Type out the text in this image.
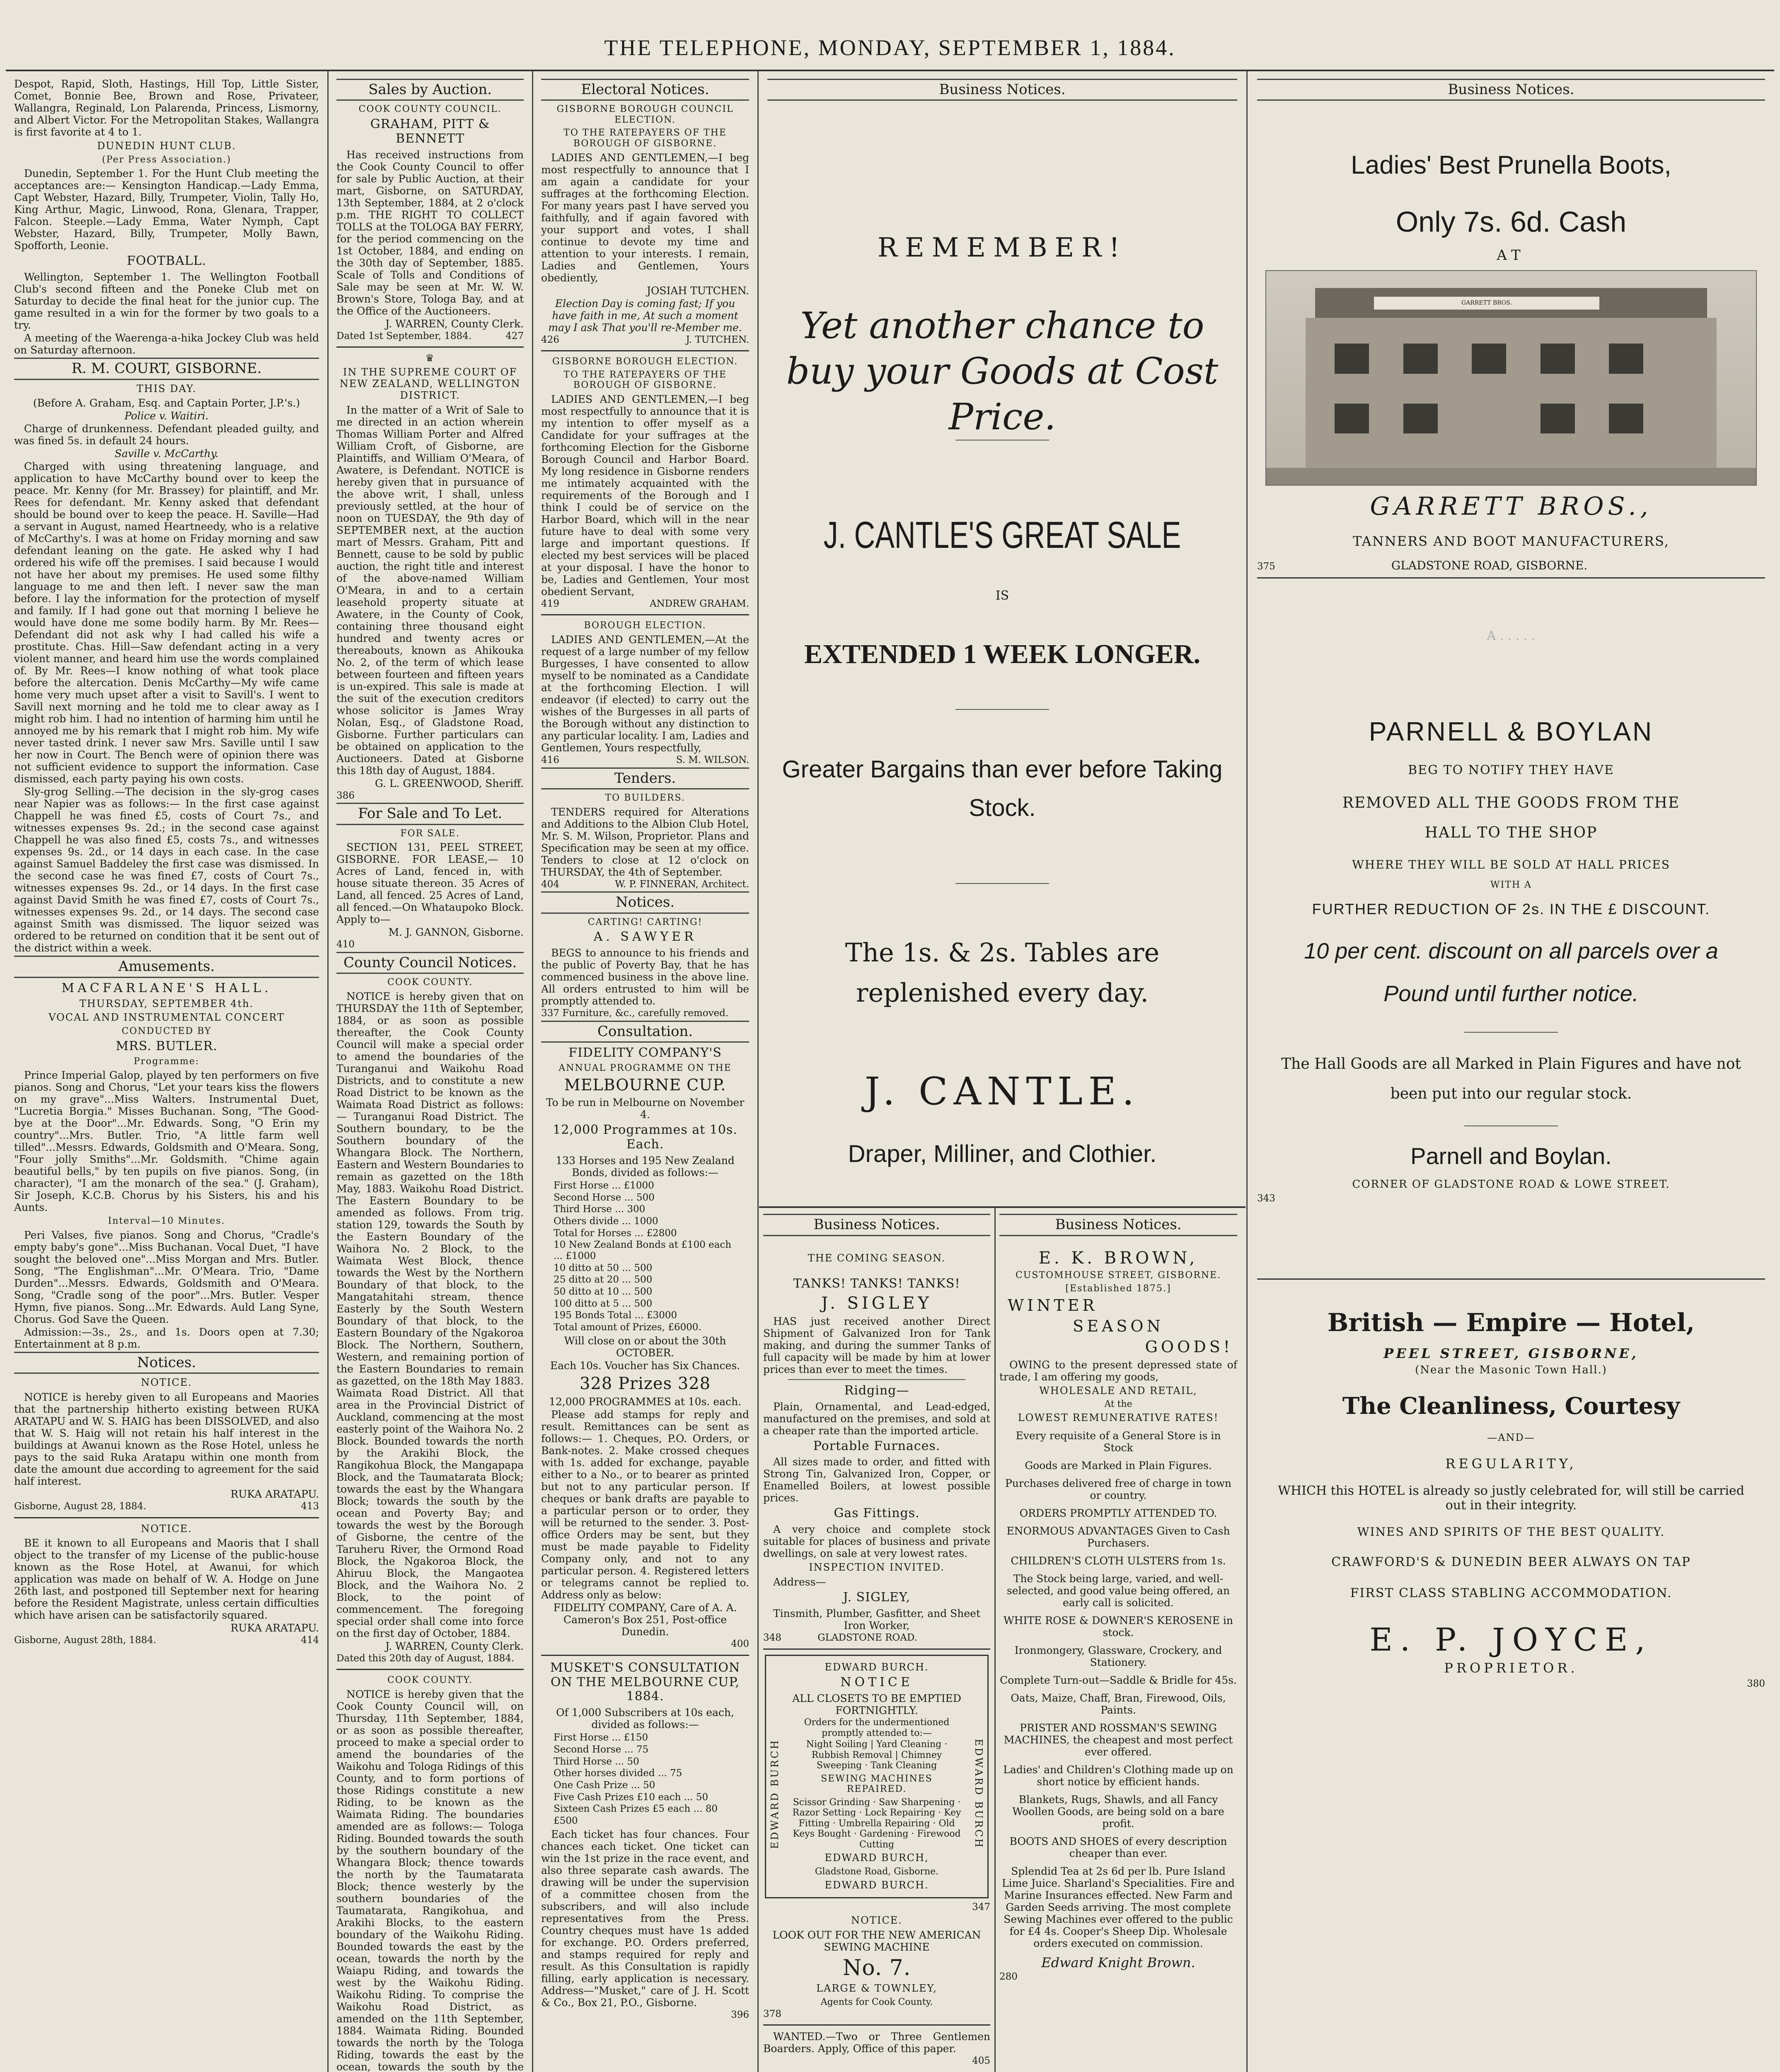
THE TELEPHONE, MONDAY, SEPTEMBER 1, 1884.

Despot, Rapid, Sloth, Hastings, Hill Top, Little Sister, Comet, Bonnie Bee, Brown and Rose, Privateer, Wallangra, Reginald, Lon Palarenda, Princess, Lismorny, and Albert Victor. For the Metropolitan Stakes, Wallangra is first favorite at 4 to 1.

DUNEDIN HUNT CLUB.
(Per Press Association.)

Dunedin, September 1. For the Hunt Club meeting the acceptances are:— Kensington Handicap.—Lady Emma, Capt Webster, Hazard, Billy, Trumpeter, Violin, Tally Ho, King Arthur, Magic, Linwood, Rona, Glenara, Trapper, Falcon. Steeple.—Lady Emma, Water Nymph, Capt Webster, Hazard, Billy, Trumpeter, Molly Bawn, Spofforth, Leonie.

FOOTBALL.

Wellington, September 1. The Wellington Football Club's second fifteen and the Poneke Club met on Saturday to decide the final heat for the junior cup. The game resulted in a win for the former by two goals to a try.

A meeting of the Waerenga-a-hika Jockey Club was held on Saturday afternoon.

R. M. COURT, GISBORNE.
THIS DAY.

(Before A. Graham, Esq. and Captain Porter, J.P.'s.)

Police v. Waitiri.

Charge of drunkenness. Defendant pleaded guilty, and was fined 5s. in default 24 hours.

Saville v. McCarthy.

Charged with using threatening language, and application to have McCarthy bound over to keep the peace. Mr. Kenny (for Mr. Brassey) for plaintiff, and Mr. Rees for defendant. Mr. Kenny asked that defendant should be bound over to keep the peace. H. Saville—Had a servant in August, named Heartneedy, who is a relative of McCarthy's. I was at home on Friday morning and saw defendant leaning on the gate. He asked why I had ordered his wife off the premises. I said because I would not have her about my premises. He used some filthy language to me and then left. I never saw the man before. I lay the information for the protection of myself and family. If I had gone out that morning I believe he would have done me some bodily harm. By Mr. Rees—Defendant did not ask why I had called his wife a prostitute. Chas. Hill—Saw defendant acting in a very violent manner, and heard him use the words complained of. By Mr. Rees—I know nothing of what took place before the altercation. Denis McCarthy—My wife came home very much upset after a visit to Savill's. I went to Savill next morning and he told me to clear away as I might rob him. I had no intention of harming him until he annoyed me by his remark that I might rob him. My wife never tasted drink. I never saw Mrs. Saville until I saw her now in Court. The Bench were of opinion there was not sufficient evidence to support the information. Case dismissed, each party paying his own costs.

Sly-grog Selling.—The decision in the sly-grog cases near Napier was as follows:— In the first case against Chappell he was fined £5, costs of Court 7s., and witnesses expenses 9s. 2d.; in the second case against Chappell he was also fined £5, costs 7s., and witnesses expenses 9s. 2d., or 14 days in each case. In the case against Samuel Baddeley the first case was dismissed. In the second case he was fined £7, costs of Court 7s., witnesses expenses 9s. 2d., or 14 days. In the first case against David Smith he was fined £7, costs of Court 7s., witnesses expenses 9s. 2d., or 14 days. The second case against Smith was dismissed. The liquor seized was ordered to be returned on condition that it be sent out of the district within a week.

Amusements.
MACFARLANE'S HALL.
THURSDAY, SEPTEMBER 4th.
VOCAL AND INSTRUMENTAL CONCERT
CONDUCTED BY
MRS. BUTLER.
Programme:

Prince Imperial Galop, played by ten performers on five pianos. Song and Chorus, "Let your tears kiss the flowers on my grave"...Miss Walters. Instrumental Duet, "Lucretia Borgia." Misses Buchanan. Song, "The Good-bye at the Door"...Mr. Edwards. Song, "O Erin my country"...Mrs. Butler. Trio, "A little farm well tilled"...Messrs. Edwards, Goldsmith and O'Meara. Song, "Four jolly Smiths"...Mr. Goldsmith. "Chime again beautiful bells," by ten pupils on five pianos. Song, (in character), "I am the monarch of the sea." (J. Graham), Sir Joseph, K.C.B. Chorus by his Sisters, his and his Aunts.

Interval—10 Minutes.

Peri Valses, five pianos. Song and Chorus, "Cradle's empty baby's gone"...Miss Buchanan. Vocal Duet, "I have sought the beloved one"...Miss Morgan and Mrs. Butler. Song, "The Englishman"...Mr. O'Meara. Trio, "Dame Durden"...Messrs. Edwards, Goldsmith and O'Meara. Song, "Cradle song of the poor"...Mrs. Butler. Vesper Hymn, five pianos. Song...Mr. Edwards. Auld Lang Syne, Chorus. God Save the Queen.

Admission:—3s., 2s., and 1s. Doors open at 7.30; Entertainment at 8 p.m.

Notices.
NOTICE.

NOTICE is hereby given to all Europeans and Maories that the partnership hitherto existing between RUKA ARATAPU and W. S. HAIG has been DISSOLVED, and also that W. S. Haig will not retain his half interest in the buildings at Awanui known as the Rose Hotel, unless he pays to the said Ruka Aratapu within one month from date the amount due according to agreement for the said half interest.

RUKA ARATAPU.

Gisborne, August 28, 1884.	413

NOTICE.

BE it known to all Europeans and Maoris that I shall object to the transfer of my License of the public-house known as the Rose Hotel, at Awanui, for which application was made on behalf of W. A. Hodge on June 26th last, and postponed till September next for hearing before the Resident Magistrate, unless certain difficulties which have arisen can be satisfactorily squared.

RUKA ARATAPU.

Gisborne, August 28th, 1884.	414

Sales by Auction.
COOK COUNTY COUNCIL.
GRAHAM, PITT & BENNETT

Has received instructions from the Cook County Council to offer for sale by Public Auction, at their mart, Gisborne, on SATURDAY, 13th September, 1884, at 2 o'clock p.m. THE RIGHT TO COLLECT TOLLS at the TOLOGA BAY FERRY, for the period commencing on the 1st October, 1884, and ending on the 30th day of September, 1885. Scale of Tolls and Conditions of Sale may be seen at Mr. W. W. Brown's Store, Tologa Bay, and at the Office of the Auctioneers.

J. WARREN, County Clerk.

Dated 1st September, 1884.	427

♛
IN THE SUPREME COURT OF NEW ZEALAND, WELLINGTON DISTRICT.

In the matter of a Writ of Sale to me directed in an action wherein Thomas William Porter and Alfred William Croft, of Gisborne, are Plaintiffs, and William O'Meara, of Awatere, is Defendant. NOTICE is hereby given that in pursuance of the above writ, I shall, unless previously settled, at the hour of noon on TUESDAY, the 9th day of SEPTEMBER next, at the auction mart of Messrs. Graham, Pitt and Bennett, cause to be sold by public auction, the right title and interest of the above-named William O'Meara, in and to a certain leasehold property situate at Awatere, in the County of Cook, containing three thousand eight hundred and twenty acres or thereabouts, known as Ahikouka No. 2, of the term of which lease between fourteen and fifteen years is un-expired. This sale is made at the suit of the execution creditors whose solicitor is James Wray Nolan, Esq., of Gladstone Road, Gisborne. Further particulars can be obtained on application to the Auctioneers. Dated at Gisborne this 18th day of August, 1884.

G. L. GREENWOOD, Sheriff.

386

For Sale and To Let.
FOR SALE.

SECTION 131, PEEL STREET, GISBORNE. FOR LEASE,— 10 Acres of Land, fenced in, with house situate thereon. 35 Acres of Land, all fenced. 25 Acres of Land, all fenced.—On Whataupoko Block. Apply to—

M. J. GANNON, Gisborne.

410

County Council Notices.
COOK COUNTY.

NOTICE is hereby given that on THURSDAY the 11th of September, 1884, or as soon as possible thereafter, the Cook County Council will make a special order to amend the boundaries of the Turanganui and Waikohu Road Districts, and to constitute a new Road District to be known as the Waimata Road District as follows:— Turanganui Road District. The Southern boundary, to be the Southern boundary of the Whangara Block. The Northern, Eastern and Western Boundaries to remain as gazetted on the 18th May, 1883. Waikohu Road District. The Eastern Boundary to be amended as follows. From trig. station 129, towards the South by the Eastern Boundary of the Waihora No. 2 Block, to the Waimata West Block, thence towards the West by the Northern Boundary of that block, to the Mangatahitahi stream, thence Easterly by the South Western Boundary of that block, to the Eastern Boundary of the Ngakoroa Block. The Northern, Southern, Western, and remaining portion of the Eastern Boundaries to remain as gazetted, on the 18th May 1883. Waimata Road District. All that area in the Provincial District of Auckland, commencing at the most easterly point of the Waihora No. 2 Block. Bounded towards the north by the Arakihi Block, the Rangikohua Block, the Mangapapa Block, and the Taumatarata Block; towards the east by the Whangara Block; towards the south by the ocean and Poverty Bay; and towards the west by the Borough of Gisborne, the centre of the Taruheru River, the Ormond Road Block, the Ngakoroa Block, the Ahiruu Block, the Mangaotea Block, and the Waihora No. 2 Block, to the point of commencement. The foregoing special order shall come into force on the first day of October, 1884.

J. WARREN, County Clerk.

Dated this 20th day of August, 1884.

COOK COUNTY.

NOTICE is hereby given that the Cook County Council will, on Thursday, 11th September, 1884, or as soon as possible thereafter, proceed to make a special order to amend the boundaries of the Waikohu and Tologa Ridings of this County, and to form portions of those Ridings constitute a new Riding, to be known as the Waimata Riding. The boundaries amended are as follows:— Tologa Riding. Bounded towards the south by the southern boundary of the Whangara Block; thence towards the north by the Taumatarata Block; thence westerly by the southern boundaries of the Taumatarata, Rangikohua, and Arakihi Blocks, to the eastern boundary of the Waikohu Riding. Bounded towards the east by the ocean, towards the north by the Waiapu Riding, and towards the west by the Waikohu Riding. Waikohu Riding. To comprise the Waikohu Road District, as amended on the 11th September, 1884. Waimata Riding. Bounded towards the north by the Tologa Riding, towards the east by the ocean, towards the south by the

Electoral Notices.
GISBORNE BOROUGH COUNCIL ELECTION.
TO THE RATEPAYERS OF THE BOROUGH OF GISBORNE.

LADIES AND GENTLEMEN,—I beg most respectfully to announce that I am again a candidate for your suffrages at the forthcoming Election. For many years past I have served you faithfully, and if again favored with your support and votes, I shall continue to devote my time and attention to your interests. I remain, Ladies and Gentlemen, Yours obediently,

JOSIAH TUTCHEN.

Election Day is coming fast; If you have faith in me, At such a moment may I ask That you'll re-Member me.

426	J. TUTCHEN.

GISBORNE BOROUGH ELECTION.
TO THE RATEPAYERS OF THE BOROUGH OF GISBORNE.

LADIES AND GENTLEMEN,—I beg most respectfully to announce that it is my intention to offer myself as a Candidate for your suffrages at the forthcoming Election for the Gisborne Borough Council and Harbor Board. My long residence in Gisborne renders me intimately acquainted with the requirements of the Borough and I think I could be of service on the Harbor Board, which will in the near future have to deal with some very large and important questions. If elected my best services will be placed at your disposal. I have the honor to be, Ladies and Gentlemen, Your most obedient Servant,

419	ANDREW GRAHAM.

BOROUGH ELECTION.

LADIES AND GENTLEMEN,—At the request of a large number of my fellow Burgesses, I have consented to allow myself to be nominated as a Candidate at the forthcoming Election. I will endeavor (if elected) to carry out the wishes of the Burgesses in all parts of the Borough without any distinction to any particular locality. I am, Ladies and Gentlemen, Yours respectfully,

416	S. M. WILSON.

Tenders.
TO BUILDERS.

TENDERS required for Alterations and Additions to the Albion Club Hotel, Mr. S. M. Wilson, Proprietor. Plans and Specification may be seen at my office. Tenders to close at 12 o'clock on THURSDAY, the 4th of September.

404	W. P. FINNERAN, Architect.

Notices.
CARTING! CARTING!
A. SAWYER

BEGS to announce to his friends and the public of Poverty Bay, that he has commenced business in the above line. All orders entrusted to him will be promptly attended to.

337 Furniture, &c., carefully removed.

Consultation.
FIDELITY COMPANY'S
ANNUAL PROGRAMME ON THE
MELBOURNE CUP.

To be run in Melbourne on November 4.

12,000 Programmes at 10s. Each.

133 Horses and 195 New Zealand Bonds, divided as follows:—

First Horse ... £1000

Second Horse ... 500

Third Horse ... 300

Others divide ... 1000

Total for Horses ... £2800

10 New Zealand Bonds at £100 each ... £1000

10 ditto at 50 ... 500

25 ditto at 20 ... 500

50 ditto at 10 ... 500

100 ditto at 5 ... 500

195 Bonds Total ... £3000

Total amount of Prizes, £6000.

Will close on or about the 30th OCTOBER.

Each 10s. Voucher has Six Chances.

328 Prizes 328

12,000 PROGRAMMES at 10s. each.

Please add stamps for reply and result. Remittances can be sent as follows:— 1. Cheques, P.O. Orders, or Bank-notes. 2. Make crossed cheques with 1s. added for exchange, payable either to a No., or to bearer as printed but not to any particular person. If cheques or bank drafts are payable to a particular person or to order, they will be returned to the sender. 3. Post-office Orders may be sent, but they must be made payable to Fidelity Company only, and not to any particular person. 4. Registered letters or telegrams cannot be replied to. Address only as below:

FIDELITY COMPANY, Care of A. A. Cameron's Box 251, Post-office Dunedin.

400

MUSKET'S CONSULTATION ON THE MELBOURNE CUP, 1884.

Of 1,000 Subscribers at 10s each, divided as follows:—

First Horse ... £150

Second Horse ... 75

Third Horse ... 50

Other horses divided ... 75

One Cash Prize ... 50

Five Cash Prizes £10 each ... 50

Sixteen Cash Prizes £5 each ... 80

£500

Each ticket has four chances. Four chances each ticket. One ticket can win the 1st prize in the race event, and also three separate cash awards. The drawing will be under the supervision of a committee chosen from the subscribers, and will also include representatives from the Press. Country cheques must have 1s added for exchange. P.O. Orders preferred, and stamps required for reply and result. As this Consultation is rapidly filling, early application is necessary. Address—"Musket," care of J. H. Scott & Co., Box 21, P.O., Gisborne.

396

Business Notices.
REMEMBER!
Yet another chance to buy your Goods at Cost Price.
J. CANTLE'S GREAT SALE
IS
EXTENDED 1 WEEK LONGER.
Greater Bargains than ever before Taking Stock.
The 1s. & 2s. Tables are replenished every day.
J. CANTLE.
Draper, Milliner, and Clothier.
Business Notices.
THE COMING SEASON.
TANKS! TANKS! TANKS!
J. SIGLEY

HAS just received another Direct Shipment of Galvanized Iron for Tank making, and during the summer Tanks of full capacity will be made by him at lower prices than ever to meet the times.

Ridging—

Plain, Ornamental, and Lead-edged, manufactured on the premises, and sold at a cheaper rate than the imported article.

Portable Furnaces.

All sizes made to order, and fitted with Strong Tin, Galvanized Iron, Copper, or Enamelled Boilers, at lowest possible prices.

Gas Fittings.

A very choice and complete stock suitable for places of business and private dwellings, on sale at very lowest rates.

INSPECTION INVITED.

Address—

J. SIGLEY,

Tinsmith, Plumber, Gasfitter, and Sheet Iron Worker,

348	GLADSTONE ROAD.

EDWARD BURCH	EDWARD BURCH
EDWARD BURCH.
NOTICE

ALL CLOSETS TO BE EMPTIED FORTNIGHTLY.

Orders for the undermentioned promptly attended to:—

Night Soiling | Yard Cleaning · Rubbish Removal | Chimney Sweeping · Tank Cleaning

SEWING MACHINES REPAIRED.

Scissor Grinding · Saw Sharpening · Razor Setting · Lock Repairing · Key Fitting · Umbrella Repairing · Old Keys Bought · Gardening · Firewood Cutting

EDWARD BURCH,

Gladstone Road, Gisborne.

EDWARD BURCH.

347

NOTICE.

LOOK OUT FOR THE NEW AMERICAN SEWING MACHINE

No. 7.
LARGE & TOWNLEY,

Agents for Cook County.

378

WANTED.—Two or Three Gentlemen Boarders. Apply, Office of this paper.

405

Business Notices.
E. K. BROWN,
CUSTOMHOUSE STREET, GISBORNE.
[Established 1875.]
WINTER
SEASON
GOODS!

OWING to the present depressed state of trade, I am offering my goods,

WHOLESALE AND RETAIL,

At the

LOWEST REMUNERATIVE RATES!

Every requisite of a General Store is in Stock

Goods are Marked in Plain Figures.

Purchases delivered free of charge in town or country.

ORDERS PROMPTLY ATTENDED TO.

ENORMOUS ADVANTAGES Given to Cash Purchasers.

CHILDREN'S CLOTH ULSTERS from 1s.

The Stock being large, varied, and well-selected, and good value being offered, an early call is solicited.

WHITE ROSE & DOWNER'S KEROSENE in stock.

Ironmongery, Glassware, Crockery, and Stationery.

Complete Turn-out—Saddle & Bridle for 45s.

Oats, Maize, Chaff, Bran, Firewood, Oils, Paints.

PRISTER AND ROSSMAN'S SEWING MACHINES, the cheapest and most perfect ever offered.

Ladies' and Children's Clothing made up on short notice by efficient hands.

Blankets, Rugs, Shawls, and all Fancy Woollen Goods, are being sold on a bare profit.

BOOTS AND SHOES of every description cheaper than ever.

Splendid Tea at 2s 6d per lb. Pure Island Lime Juice. Sharland's Specialities. Fire and Marine Insurances effected. New Farm and Garden Seeds arriving. The most complete Sewing Machines ever offered to the public for £4 4s. Cooper's Sheep Dip. Wholesale orders executed on commission.

Edward Knight Brown.

280

Business Notices.
Ladies' Best Prunella Boots,
Only 7s. 6d. Cash
AT
GARRETT BROS.
GARRETT BROS.,
TANNERS AND BOOT MANUFACTURERS,

375	GLADSTONE ROAD, GISBORNE.

A . . . . .
PARNELL & BOYLAN
BEG TO NOTIFY THEY HAVE
REMOVED ALL THE GOODS FROM THE
HALL TO THE SHOP
WHERE THEY WILL BE SOLD AT HALL PRICES
WITH A
FURTHER REDUCTION OF 2s. IN THE £ DISCOUNT.
10 per cent. discount on all parcels over a Pound until further notice.
The Hall Goods are all Marked in Plain Figures and have not been put into our regular stock.
Parnell and Boylan.
CORNER OF GLADSTONE ROAD & LOWE STREET.

343

British — Empire — Hotel,
PEEL STREET, GISBORNE,
(Near the Masonic Town Hall.)
The Cleanliness, Courtesy
—AND—
REGULARITY,

WHICH this HOTEL is already so justly celebrated for, will still be carried out in their integrity.

WINES AND SPIRITS OF THE BEST QUALITY.
CRAWFORD'S & DUNEDIN BEER ALWAYS ON TAP
FIRST CLASS STABLING ACCOMMODATION.
E. P. JOYCE,
PROPRIETOR.

380
